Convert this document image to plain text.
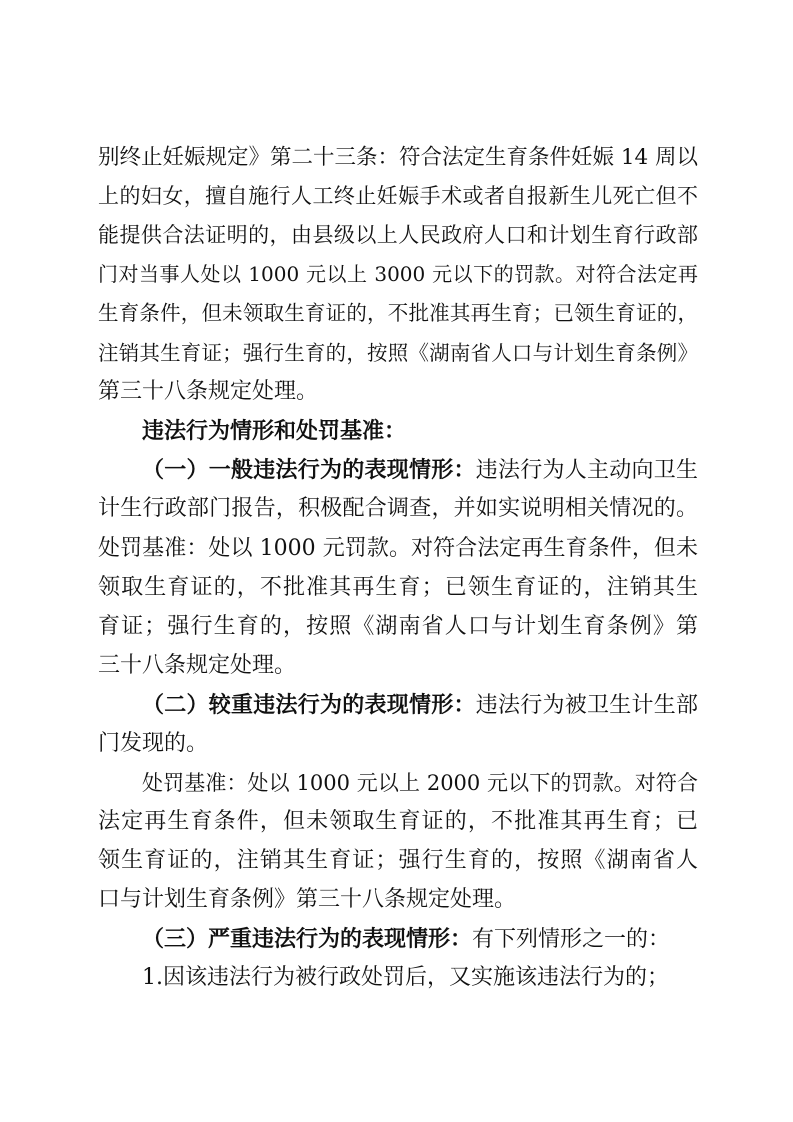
别终止妊娠规定》第二十三条：符合法定生育条件妊娠 14 周以
上的妇女，擅自施行人工终止妊娠手术或者自报新生儿死亡但不
能提供合法证明的，由县级以上人民政府人口和计划生育行政部
门对当事人处以 1000 元以上 3000 元以下的罚款。对符合法定再
生育条件，但未领取生育证的，不批准其再生育；已领生育证的，
注销其生育证；强行生育的，按照《湖南省人口与计划生育条例》
第三十八条规定处理。
违法行为情形和处罚基准：
（一）一般违法行为的表现情形：违法行为人主动向卫生
计生行政部门报告，积极配合调查，并如实说明相关情况的。
处罚基准：处以 1000 元罚款。对符合法定再生育条件，但未
领取生育证的，不批准其再生育；已领生育证的，注销其生
育证；强行生育的，按照《湖南省人口与计划生育条例》第
三十八条规定处理。
（二）较重违法行为的表现情形：违法行为被卫生计生部
门发现的。
处罚基准：处以 1000 元以上 2000 元以下的罚款。对符合
法定再生育条件，但未领取生育证的，不批准其再生育；已
领生育证的，注销其生育证；强行生育的，按照《湖南省人
口与计划生育条例》第三十八条规定处理。
（三）严重违法行为的表现情形：有下列情形之一的：
1.因该违法行为被行政处罚后，又实施该违法行为的；
